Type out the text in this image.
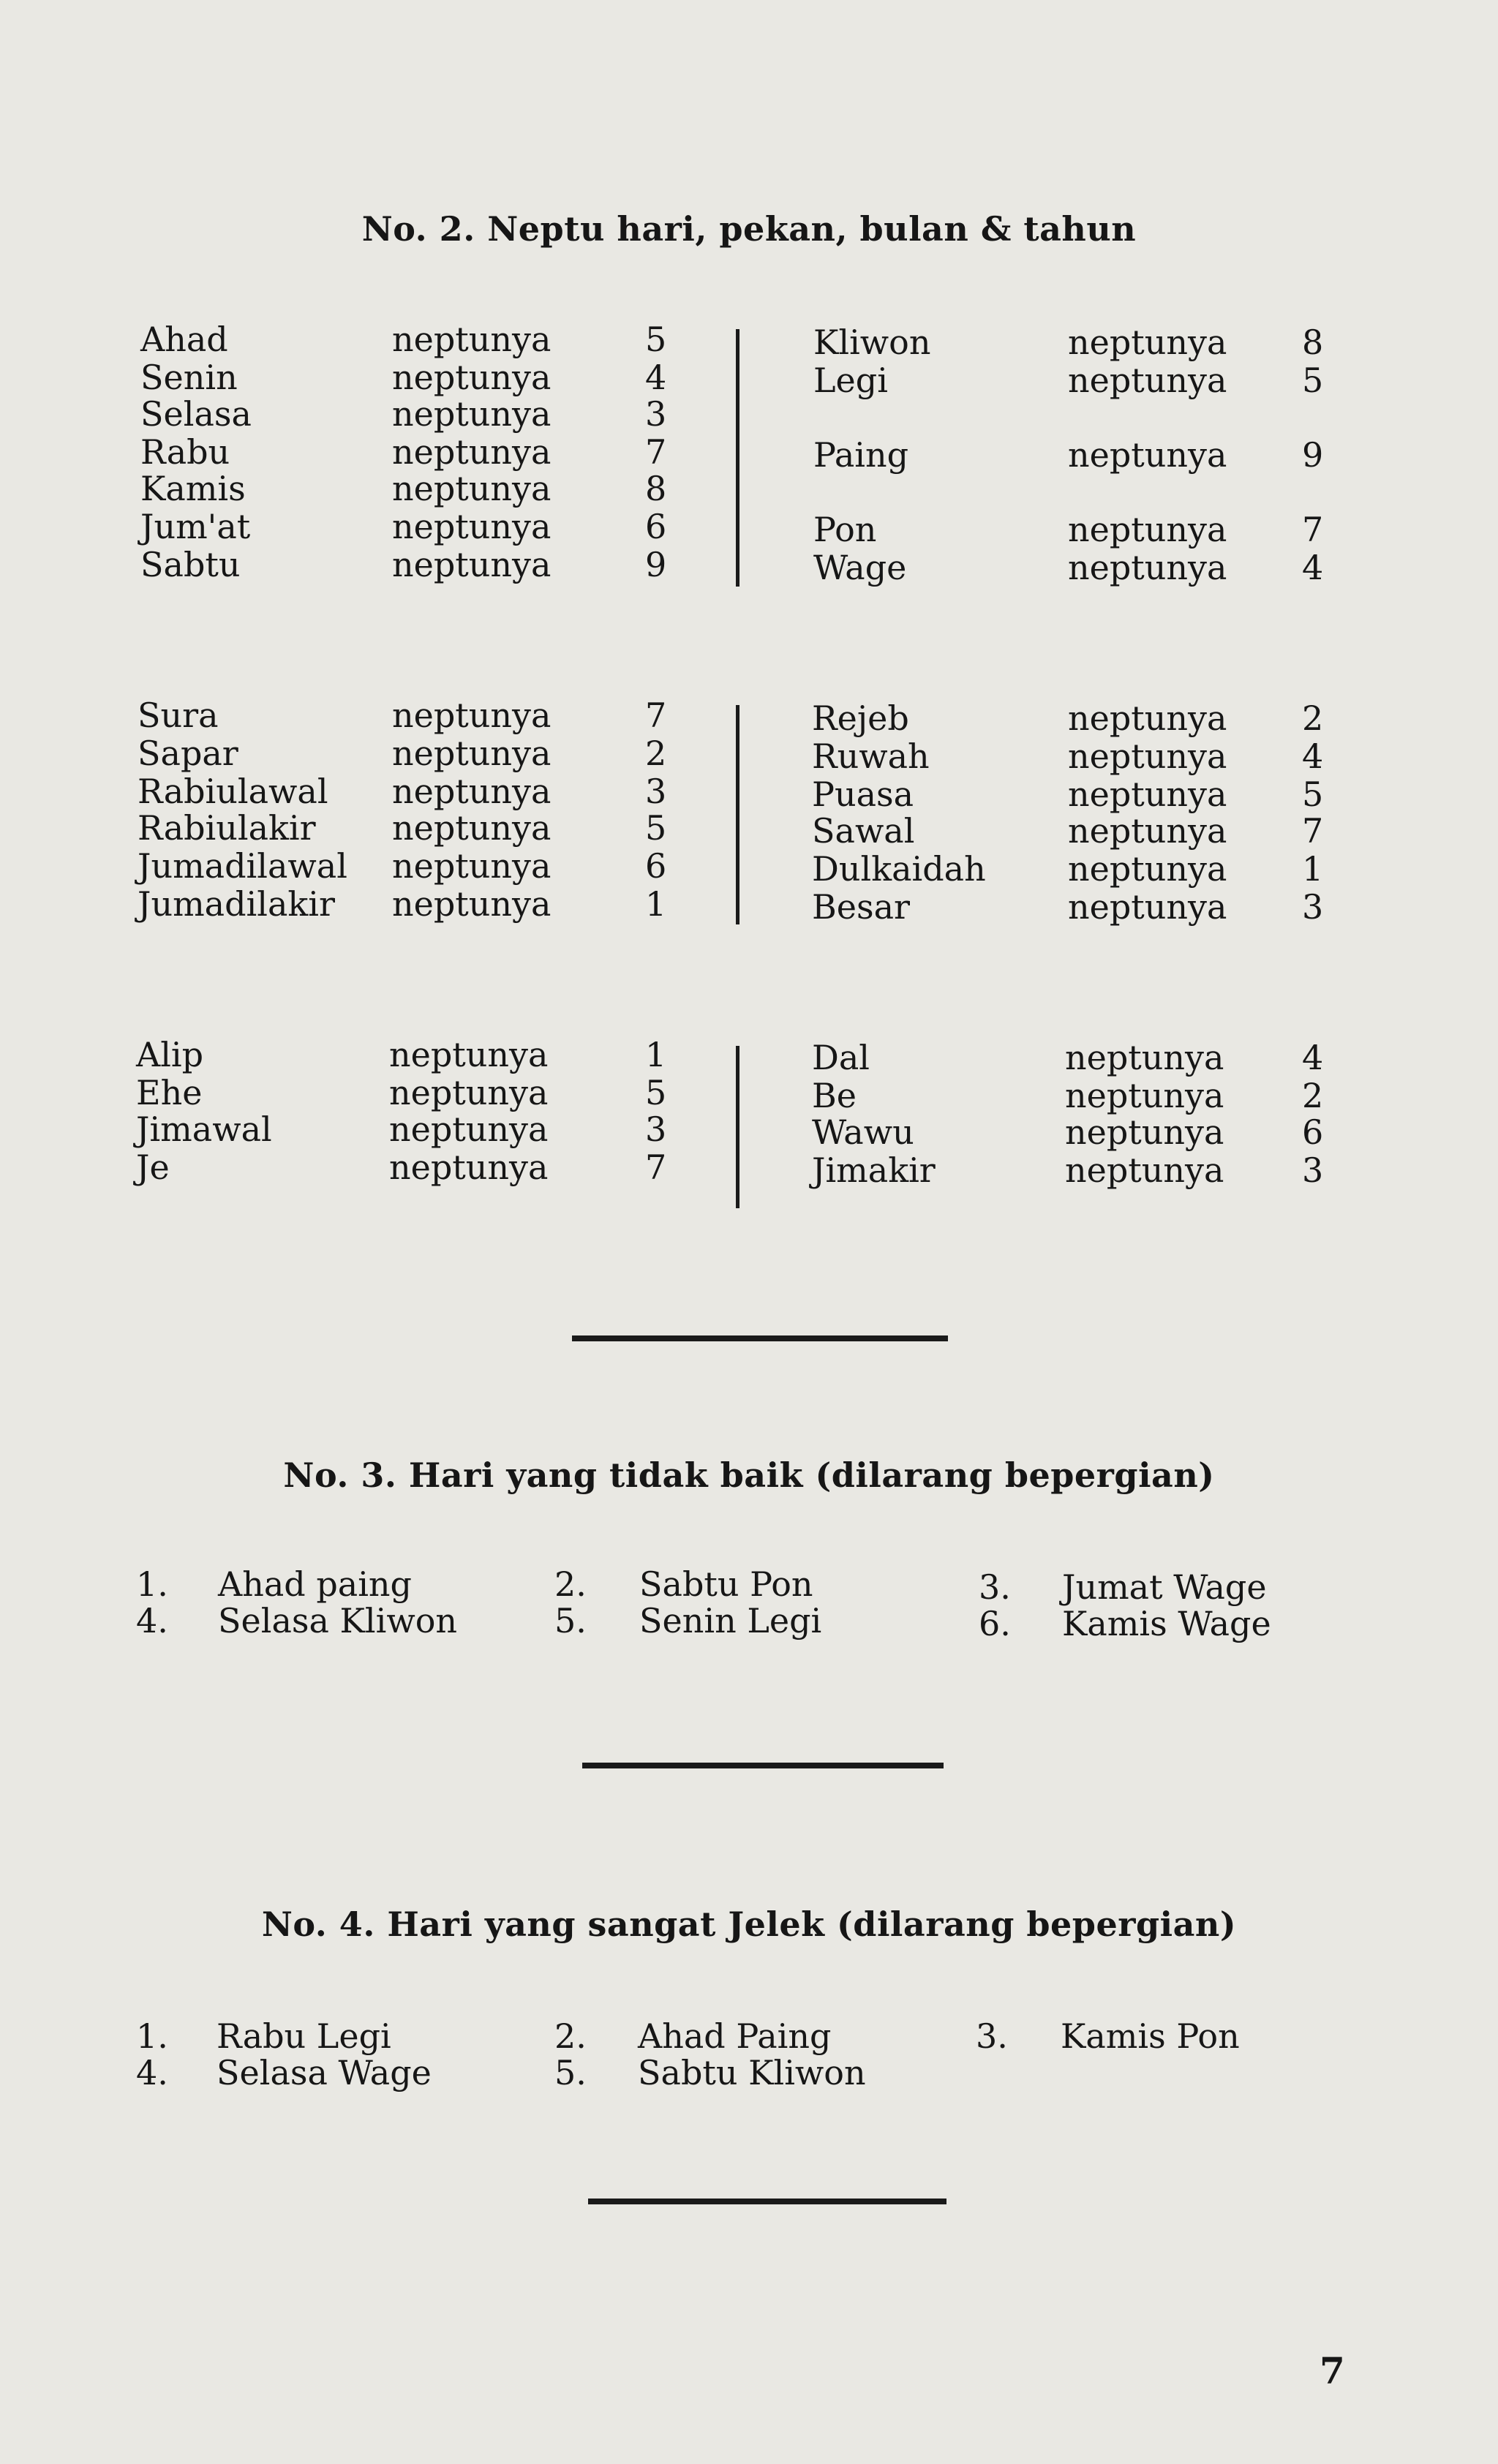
No. 2. Neptu hari, pekan, bulan & tahun
Ahad	neptunya	5
Senin	neptunya	4
Selasa	neptunya	3
Rabu	neptunya	7
Kamis	neptunya	8
Jum'at	neptunya	6
Sabtu	neptunya	9
Kliwon	neptunya 8
Legi	neptunya 5
Paing	neptunya 9
Pon	neptunya 7
Wage	neptunya 4
Sura	neptunya	7
Sapar	neptunya	2
Rabiulawal neptunya	3
Rabiulakir neptunya	5
Jumadilawal neptunya	6
Jumadilakir neptunya	1
Rejeb	neptunya 2
Ruwah	neptunya 4
Puasa	neptunya 5
Sawal	neptunya 7
Dulkaidah neptunya 1
Besar	neptunya 3
Alip	neptunya	1
Ehe	neptunya	5
Jimawal	neptunya	3
Je	neptunya	7
Dal	neptunya 4
Be	neptunya 2
Wawu	neptunya 6
Jimakir	neptunya 3
No. 3. Hari yang tidak baik (dilarang bepergian)
1. Ahad paing	2. Sabtu Pon	3. Jumat Wage
4. Selasa Kliwon	5. Senin Legi	6. Kamis Wage
No. 4. Hari yang sangat Jelek (dilarang bepergian)
1. Rabu Legi	2. Ahad Paing	3. Kamis Pon
4. Selasa Wage	5. Sabtu Kliwon
7
